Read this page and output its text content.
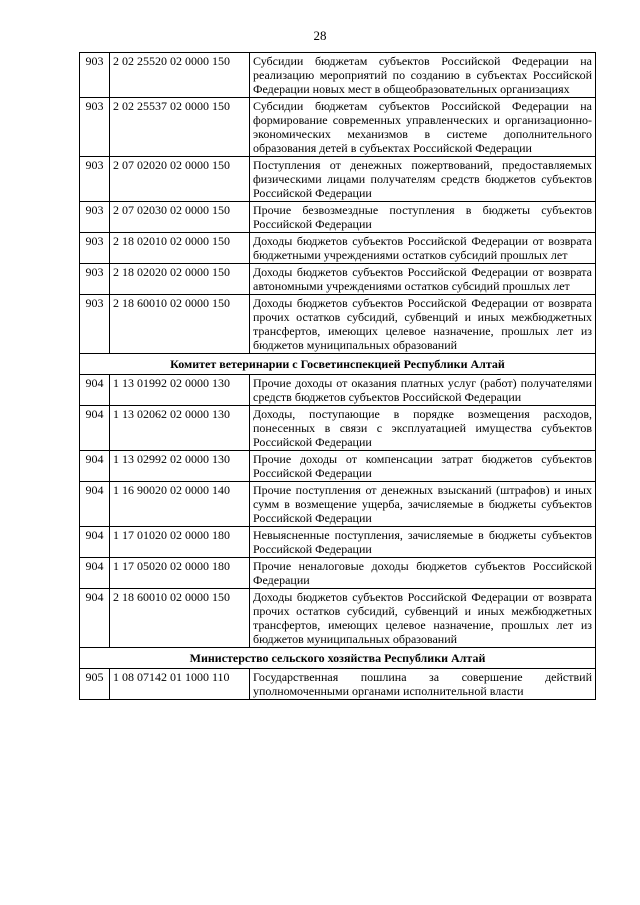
28
903	2 02 25520 02 0000 150	Субсидии бюджетам субъектов Российской Федерации на реализацию мероприятий по созданию в субъектах Российской Федерации новых мест в общеобразовательных организациях
903	2 02 25537 02 0000 150	Субсидии бюджетам субъектов Российской Федерации на формирование современных управленческих и организационно-экономических механизмов в системе дополнительного образования детей в субъектах Российской Федерации
903	2 07 02020 02 0000 150	Поступления от денежных пожертвований, предоставляемых физическими лицами получателям средств бюджетов субъектов Российской Федерации
903	2 07 02030 02 0000 150	Прочие безвозмездные поступления в бюджеты субъектов Российской Федерации
903	2 18 02010 02 0000 150	Доходы бюджетов субъектов Российской Федерации от возврата бюджетными учреждениями остатков субсидий прошлых лет
903	2 18 02020 02 0000 150	Доходы бюджетов субъектов Российской Федерации от возврата автономными учреждениями остатков субсидий прошлых лет
903	2 18 60010 02 0000 150	Доходы бюджетов субъектов Российской Федерации от возврата прочих остатков субсидий, субвенций и иных межбюджетных трансфертов, имеющих целевое назначение, прошлых лет из бюджетов муниципальных образований
Комитет ветеринарии с Госветинспекцией Республики Алтай		
904	1 13 01992 02 0000 130	Прочие доходы от оказания платных услуг (работ) получателями средств бюджетов субъектов Российской Федерации
904	1 13 02062 02 0000 130	Доходы, поступающие в порядке возмещения расходов, понесенных в связи с эксплуатацией имущества субъектов Российской Федерации
904	1 13 02992 02 0000 130	Прочие доходы от компенсации затрат бюджетов субъектов Российской Федерации
904	1 16 90020 02 0000 140	Прочие поступления от денежных взысканий (штрафов) и иных сумм в возмещение ущерба, зачисляемые в бюджеты субъектов Российской Федерации
904	1 17 01020 02 0000 180	Невыясненные поступления, зачисляемые в бюджеты субъектов Российской Федерации
904	1 17 05020 02 0000 180	Прочие неналоговые доходы бюджетов субъектов Российской Федерации
904	2 18 60010 02 0000 150	Доходы бюджетов субъектов Российской Федерации от возврата прочих остатков субсидий, субвенций и иных межбюджетных трансфертов, имеющих целевое назначение, прошлых лет из бюджетов муниципальных образований
Министерство сельского хозяйства Республики Алтай		
905	1 08 07142 01 1000 110	Государственная пошлина за совершение действий уполномоченными органами исполнительной власти
